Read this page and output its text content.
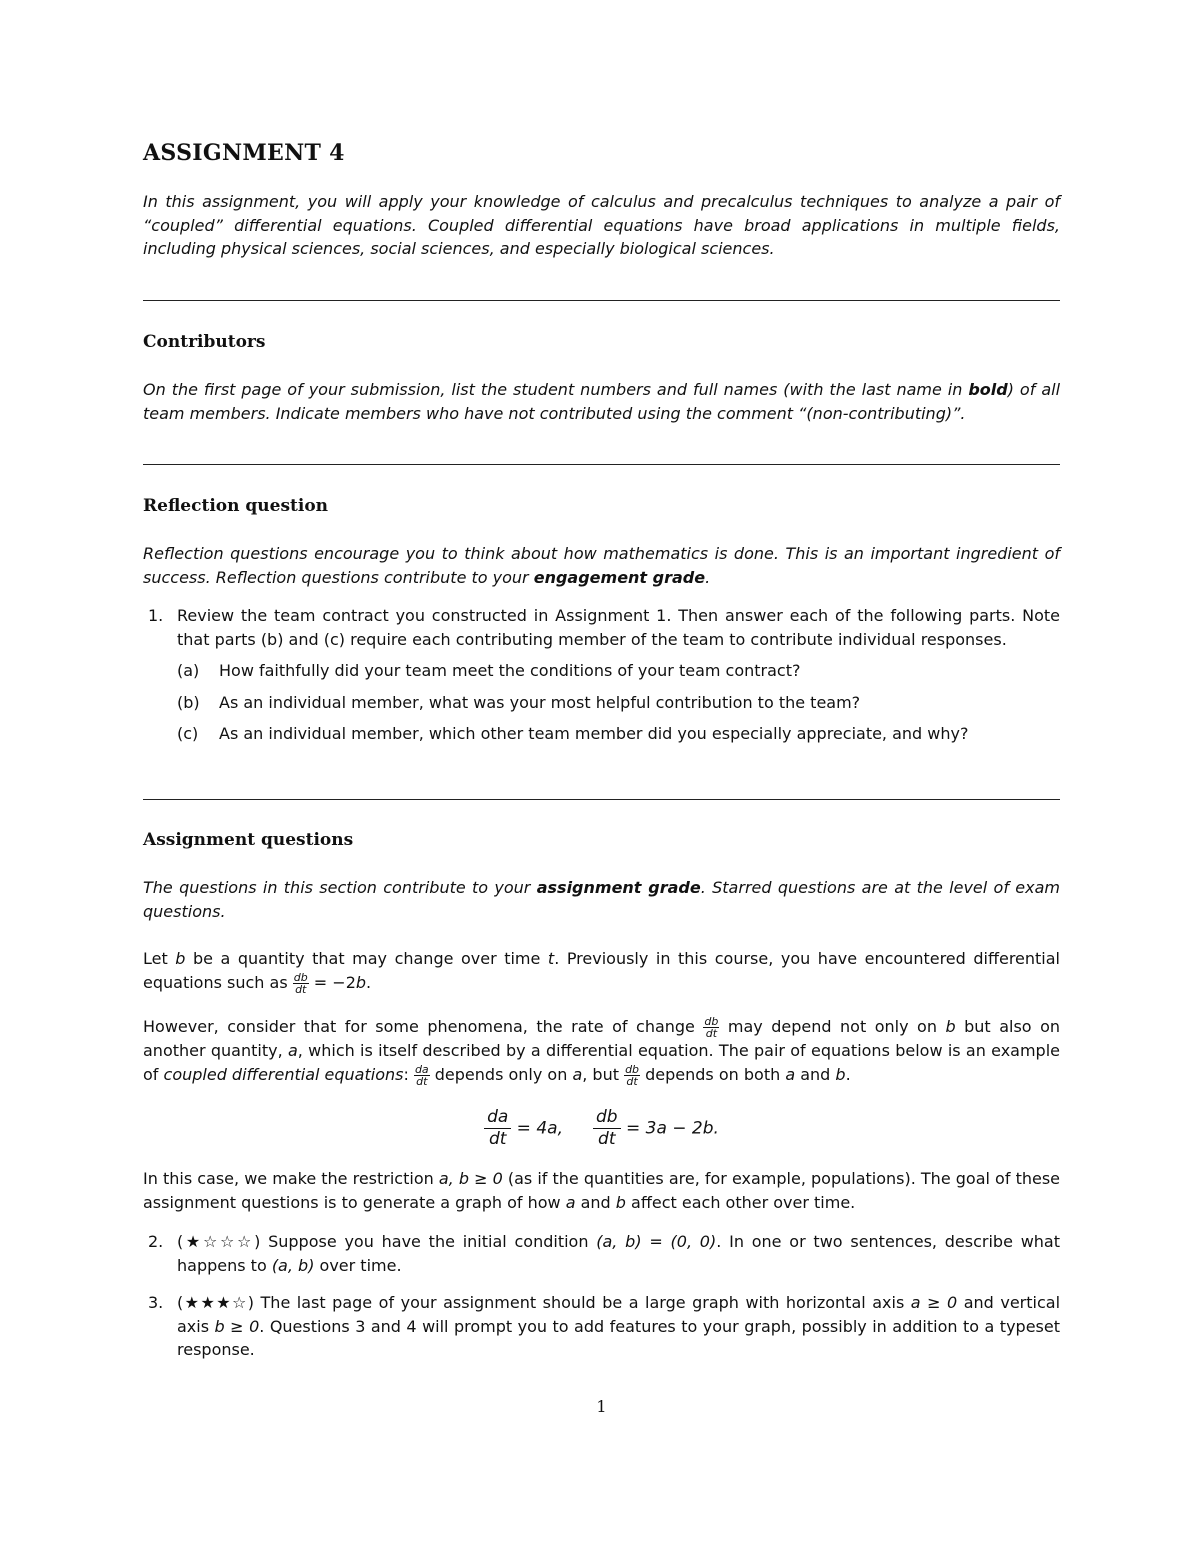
ASSIGNMENT 4

In this assignment, you will apply your knowledge of calculus and precalculus techniques to analyze a pair of “coupled” differential equations. Coupled differential equations have broad applications in multiple fields, including physical sciences, social sciences, and especially biological sciences.

Contributors

On the first page of your submission, list the student numbers and full names (with the last name in bold) of all team members. Indicate members who have not contributed using the comment “(non-contributing)”.

Reflection question

Reflection questions encourage you to think about how mathematics is done. This is an important ingredient of success. Reflection questions contribute to your engagement grade.

1. Review the team contract you constructed in Assignment 1. Then answer each of the following parts. Note that parts (b) and (c) require each contributing member of the team to contribute individual responses.
(a) How faithfully did your team meet the conditions of your team contract?
(b) As an individual member, what was your most helpful contribution to the team?
(c) As an individual member, which other team member did you especially appreciate, and why?
Assignment questions

The questions in this section contribute to your assignment grade. Starred questions are at the level of exam questions.

Let b be a quantity that may change over time t. Previously in this course, you have encountered differential equations such as $\frac{db}{dt} = -2b$.

However, consider that for some phenomena, the rate of change $\frac{db}{dt}$ may depend not only on b but also on another quantity, a, which is itself described by a differential equation. The pair of equations below is an example of coupled differential equations: $\frac{da}{dt}$ depends only on a, but $\frac{db}{dt}$ depends on both a and b.

$\frac{da}{dt} = 4a$, $\frac{db}{dt} = 3a - 2b$.

In this case, we make the restriction a, b ≥ 0 (as if the quantities are, for example, populations). The goal of these assignment questions is to generate a graph of how a and b affect each other over time.

2. (★☆☆☆) Suppose you have the initial condition (a, b) = (0, 0). In one or two sentences, describe what happens to (a, b) over time.
3. (★★★☆) The last page of your assignment should be a large graph with horizontal axis a ≥ 0 and vertical axis b ≥ 0. Questions 3 and 4 will prompt you to add features to your graph, possibly in addition to a typeset response.
1
